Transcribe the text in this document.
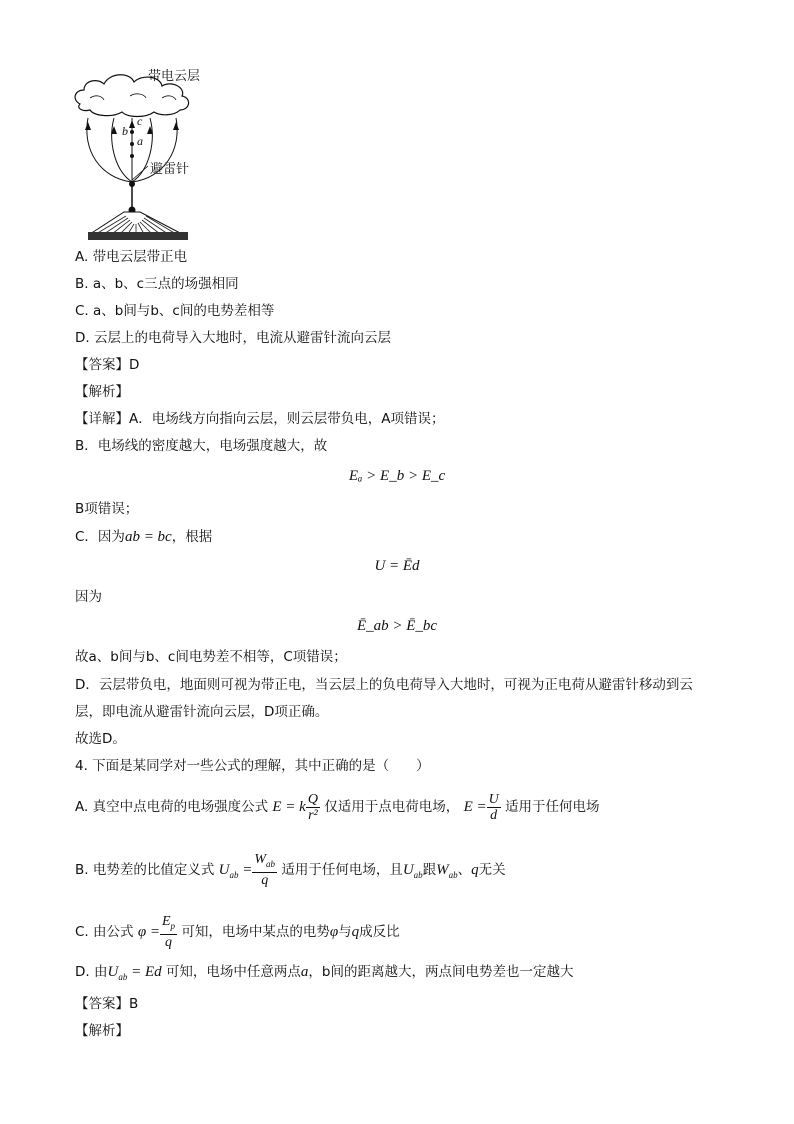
带电云层
避雷针
c
b
a
A. 带电云层带正电
B. a、b、c三点的场强相同
C. a、b间与b、c间的电势差相等
D. 云层上的电荷导入大地时，电流从避雷针流向云层
【答案】D
【解析】
【详解】A．电场线方向指向云层，则云层带负电，A项错误；
B．电场线的密度越大，电场强度越大，故
Eₐ > E_b > E_c
B项错误；
C．因为ab = bc，根据
U = Ēd
因为
Ē_ab > Ē_bc
故a、b间与b、c间电势差不相等，C项错误；
D．云层带负电，地面则可视为带正电，当云层上的负电荷导入大地时，可视为正电荷从避雷针移动到云
层，即电流从避雷针流向云层，D项正确。
故选D。
4. 下面是某同学对一些公式的理解，其中正确的是（　　）
A. 真空中点电荷的电场强度公式 E = k $\frac{Q}{\text{r²}}$ 仅适用于点电荷电场， $E = \frac{U}{d}$ 适用于任何电场
B. 电势差的比值定义式 $U_{ab} = \frac{W_{ab}}{q}$ 适用于任何电场，且$U_{ab}$跟$W_{ab}$、q无关
C. 由公式 $\varphi = \frac{E_p}{q}$ 可知，电场中某点的电势φ与q成反比
D. 由$U_{ab} = Ed$ 可知，电场中任意两点a，b间的距离越大，两点间电势差也一定越大
【答案】B
【解析】
